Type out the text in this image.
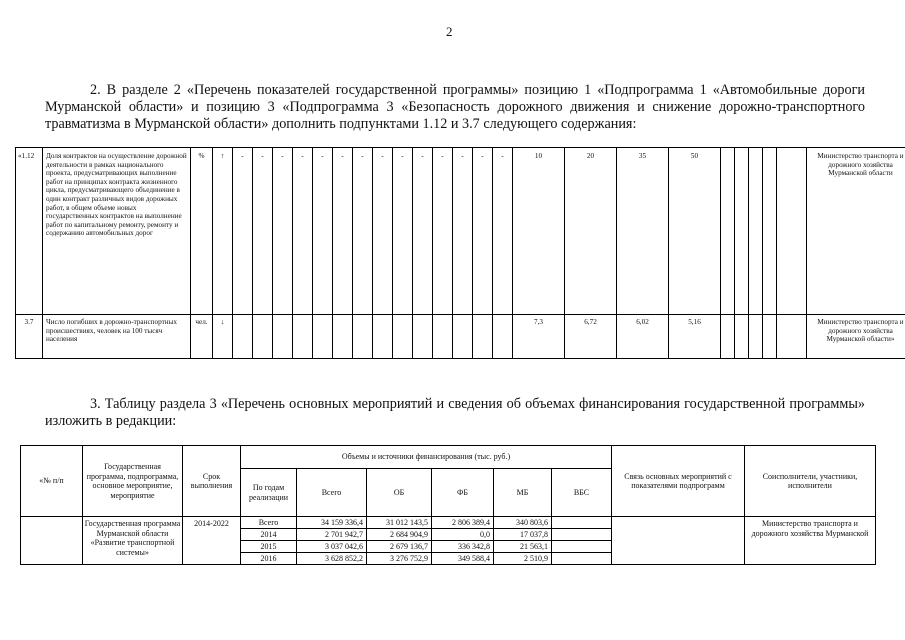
2
2. В разделе 2 «Перечень показателей государственной программы» позицию 1 «Подпрограмма 1 «Автомобильные дороги Мурманской области» и позицию 3 «Подпрограмма 3 «Безопасность дорожного движения и снижение дорожно-транспортного травматизма в Мурманской области» дополнить подпунктами 1.12 и 3.7 следующего содержания:
«1.12	Доля контрактов на осуществление дорожной деятельности в рамках национального проекта, предусматривающих выполнение работ на принципах контракта жизненного цикла, предусматривающего объединение в один контракт различных видов дорожных работ, в общем объеме новых государственных контрактов на выполнение работ по капитальному ремонту, ремонту и содержанию автомобильных дорог	%	↑	-	-	-	-	-	-	-	-	-	-	-	-	-	-	10	20	35	50						Министерство транспорта и дорожного хозяйства Мурманской области
3.7	Число погибших в дорожно-транспортных происшествиях, человек на 100 тысяч населения	чел.	↓															7,3	6,72	6,02	5,16						Министерство транспорта и дорожного хозяйства Мурманской области»
3. Таблицу раздела 3 «Перечень основных мероприятий и сведения об объемах финансирования государственной программы» изложить в редакции:
«№ п/п	Государственная программа, подпрограмма, основное мероприятие, мероприятие	Срок выполнения	Объемы и источники финансирования (тыс. руб.)						Связь основных мероприятий с показателями подпрограмм	Соисполнители, участники, исполнители
			По годам реализации	Всего	ОБ	ФБ	МБ	ВБС		
	Государственная программа Мурманской области «Развитие транспортной системы»	2014-2022	Всего	34 159 336,4	31 012 143,5	2 806 389,4	340 803,6			Министерство транспорта и дорожного хозяйства Мурманской
			2014	2 701 942,7	2 684 904,9	0,0	17 037,8			
			2015	3 037 042,6	2 679 136,7	336 342,8	21 563,1			
			2016	3 628 852,2	3 276 752,9	349 588,4	2 510,9			
